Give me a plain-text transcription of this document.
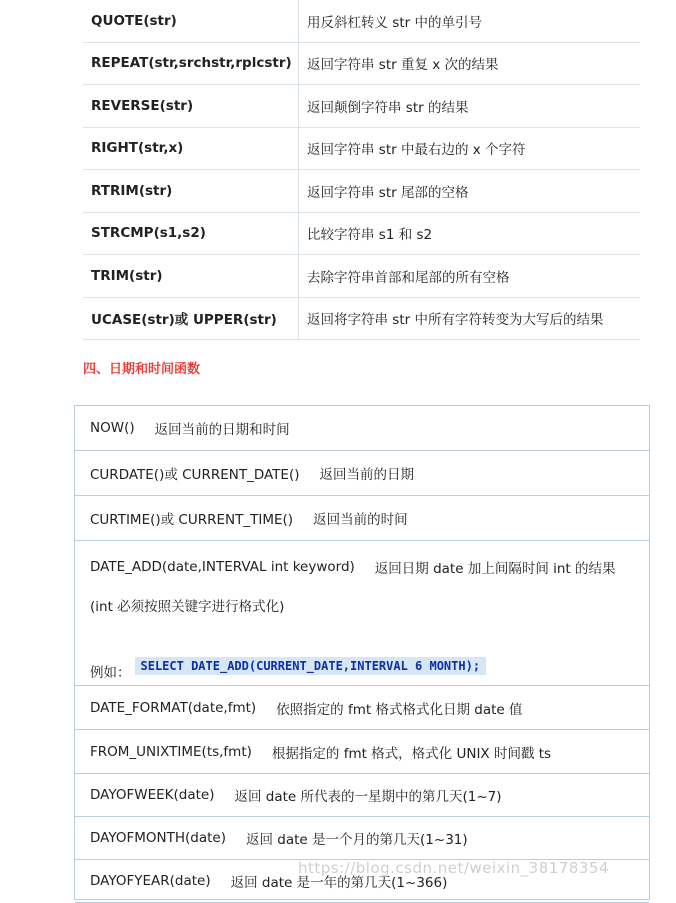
QUOTE(str)	用反斜杠转义 str 中的单引号
REPEAT(str,srchstr,rplcstr)	返回字符串 str 重复 x 次的结果
REVERSE(str)	返回颠倒字符串 str 的结果
RIGHT(str,x)	返回字符串 str 中最右边的 x 个字符
RTRIM(str)	返回字符串 str 尾部的空格
STRCMP(s1,s2)	比较字符串 s1 和 s2
TRIM(str)	去除字符串首部和尾部的所有空格
UCASE(str)或 UPPER(str)	返回将字符串 str 中所有字符转变为大写后的结果
四、日期和时间函数
NOW() 返回当前的日期和时间
CURDATE()或 CURRENT_DATE() 返回当前的日期
CURTIME()或 CURRENT_TIME() 返回当前的时间
DATE_ADD(date,INTERVAL int keyword) 返回日期 date 加上间隔时间 int 的结果
(int 必须按照关键字进行格式化)
例如： SELECT DATE_ADD(CURRENT_DATE,INTERVAL 6 MONTH);
DATE_FORMAT(date,fmt) 依照指定的 fmt 格式格式化日期 date 值
FROM_UNIXTIME(ts,fmt) 根据指定的 fmt 格式，格式化 UNIX 时间戳 ts
DAYOFWEEK(date) 返回 date 所代表的一星期中的第几天(1~7)
DAYOFMONTH(date) 返回 date 是一个月的第几天(1~31)
DAYOFYEAR(date) 返回 date 是一年的第几天(1~366)
https://blog.csdn.net/weixin_38178354
